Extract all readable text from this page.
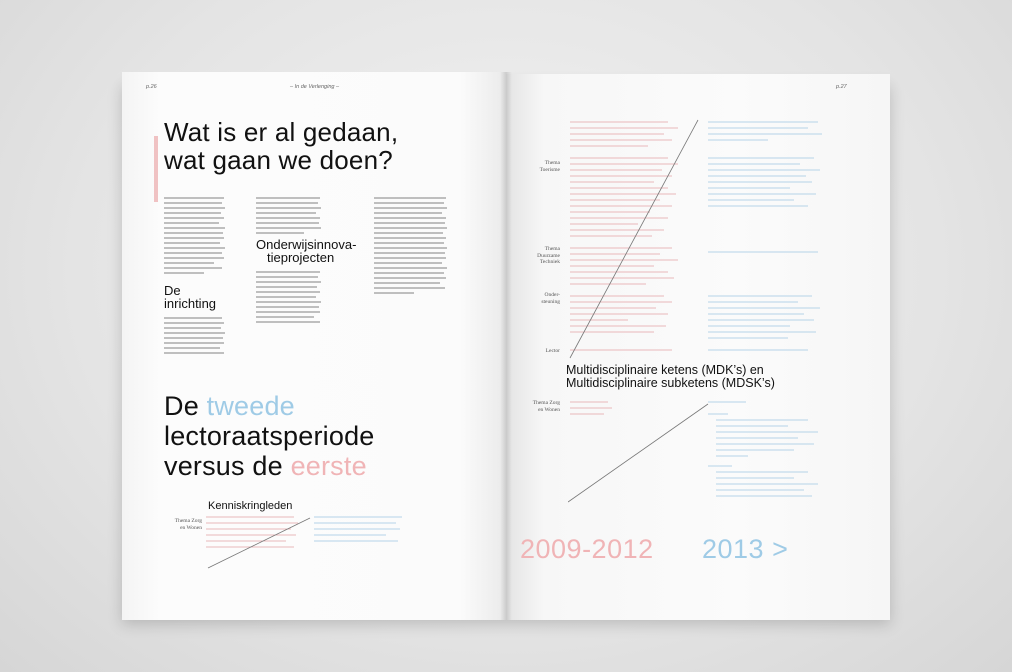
p.26	– In de Verlenging –
Wat is er al gedaan,
wat gaan we doen?
De
inrichting
Onderwijsinnova-
tieprojecten
De tweede
lectoraatsperiode
versus de eerste
Kenniskringleden
Thema Zorg
en Wonen
p.27
Thema
Toerisme
Thema
Duurzame
Techniek
Onder-
steuning
Lector
Multidisciplinaire ketens (MDK’s) en
Multidisciplinaire subketens (MDSK’s)
Thema Zorg
en Wonen
2009-2012 2013 >
